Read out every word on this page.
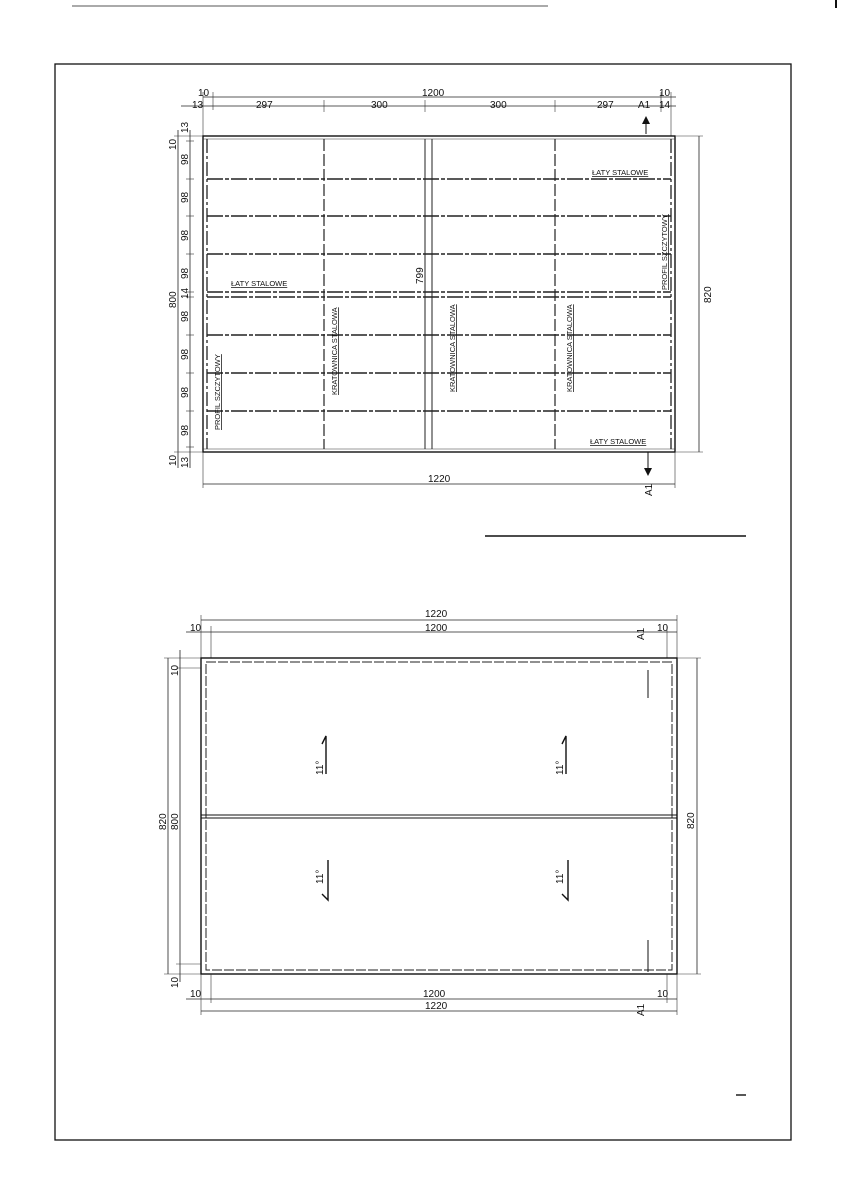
10	1200	10
13	297	300	300	297 A1 14
ŁATY STALOWE
ŁATY STALOWE
ŁATY STALOWE
PROFIL SZCZYTOWY
PROFIL SZCZYTOWY
KRATOWNICA STALOWA	KRATOWNICA STALOWA	KRATOWNICA STALOWA
799
10
13
98
98
98
98
14
98
98
98
98
800
10 13
820
1220
A1
1220
1200
10	10
A1
11°	11°
11°	11°
10
820 800
10
820
10	1200	10
1220	A1
